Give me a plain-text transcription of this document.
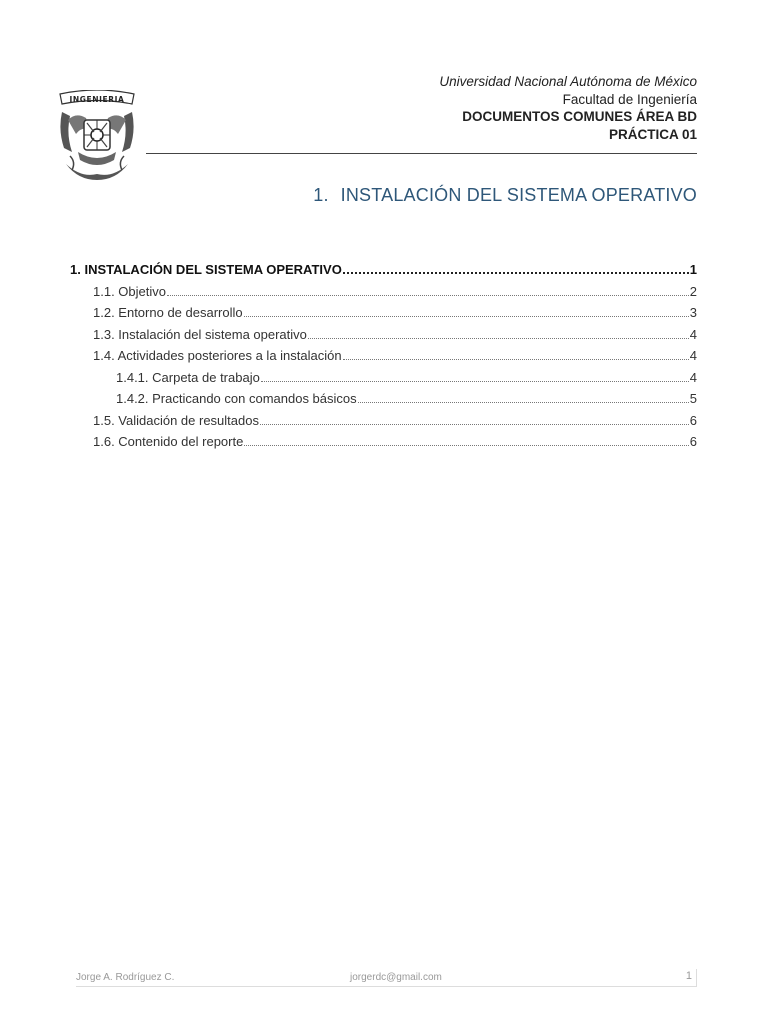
INGENIERIA
Universidad Nacional Autónoma de México
Facultad de Ingeniería
DOCUMENTOS COMUNES ÁREA BD
PRÁCTICA 01
1. INSTALACIÓN DEL SISTEMA OPERATIVO
1. INSTALACIÓN DEL SISTEMA OPERATIVO	1
1.1. Objetivo	2
1.2. Entorno de desarrollo	3
1.3. Instalación del sistema operativo	4
1.4. Actividades posteriores a la instalación	4
1.4.1. Carpeta de trabajo	4
1.4.2. Practicando con comandos básicos	5
1.5. Validación de resultados	6
1.6. Contenido del reporte	6
Jorge A. Rodríguez C.	jorgerdc@gmail.com	1
